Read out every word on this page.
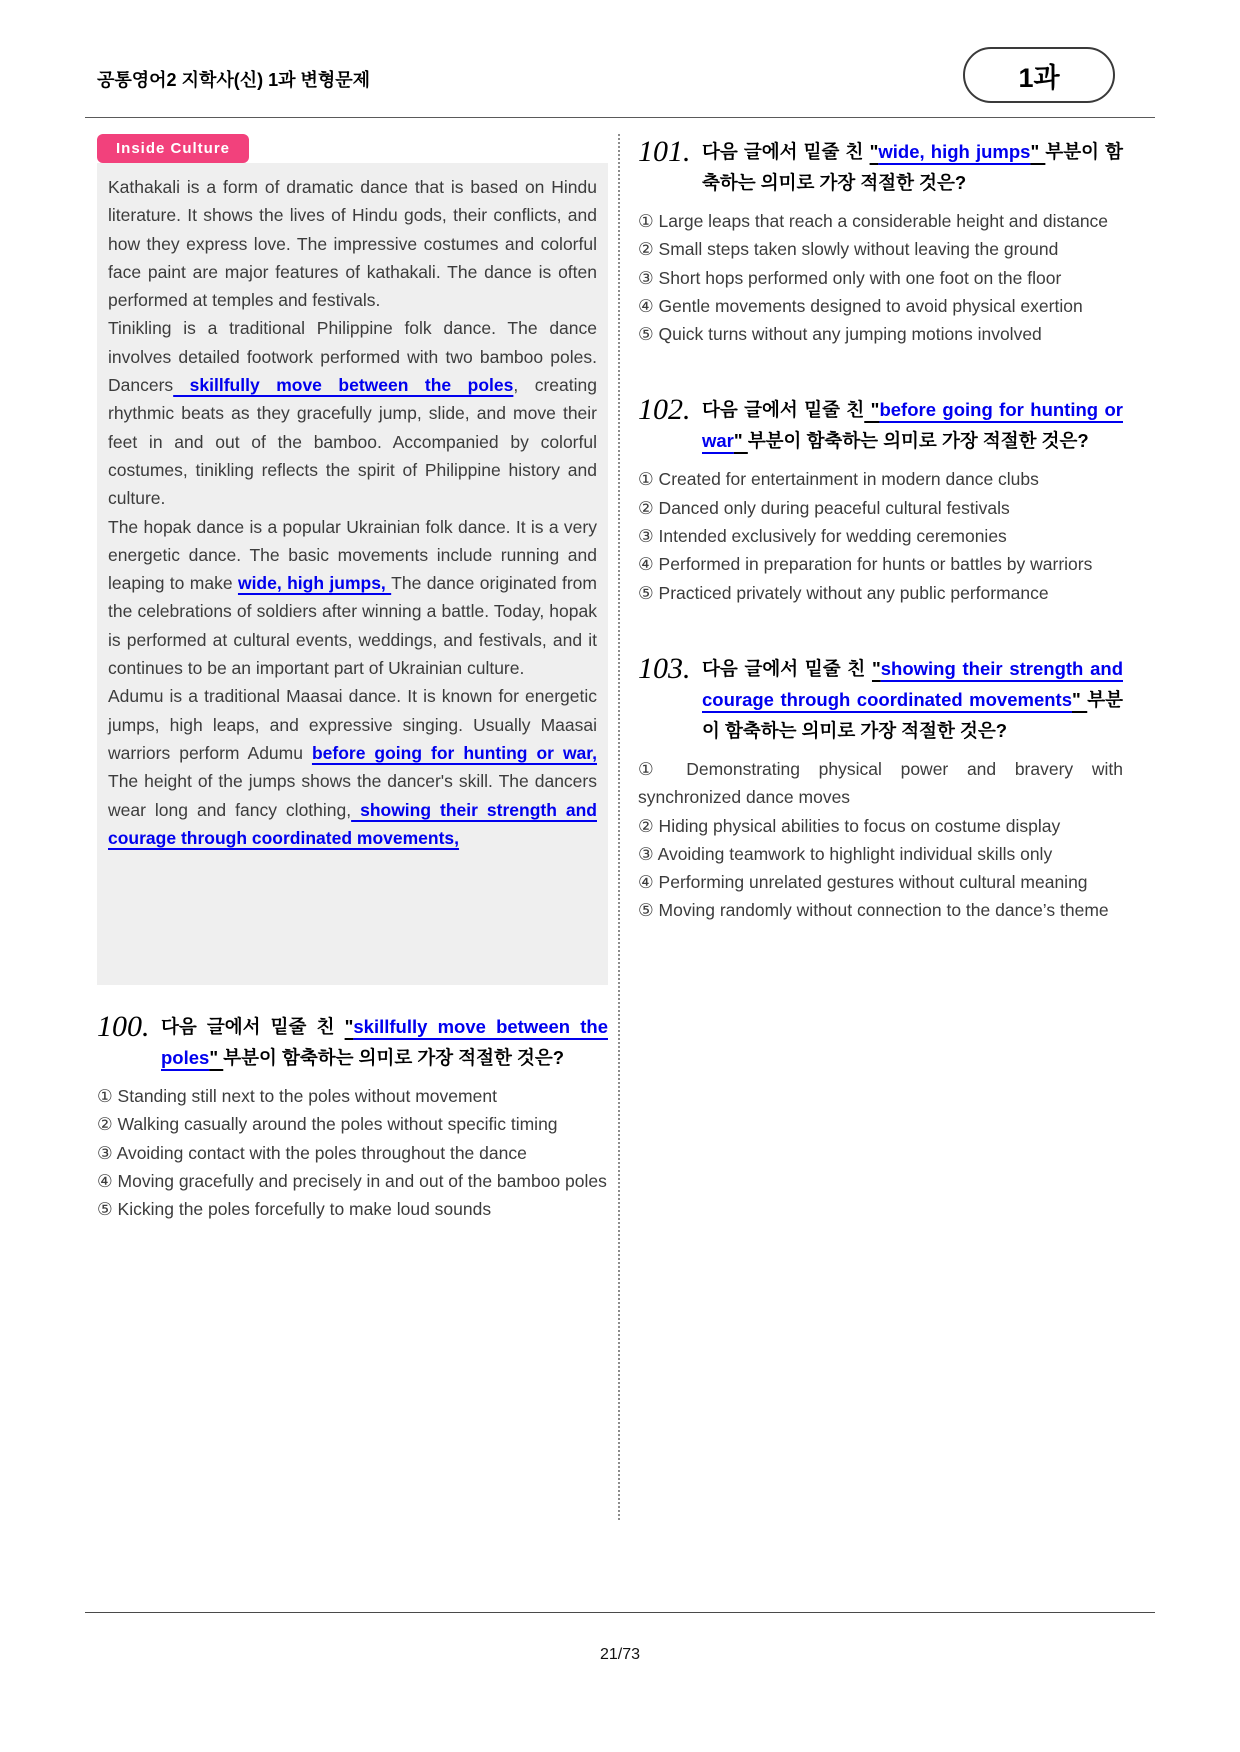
공통영어2 지학사(신) 1과 변형문제	1과
Inside Culture

Kathakali is a form of dramatic dance that is based on Hindu literature. It shows the lives of Hindu gods, their conflicts, and how they express love. The impressive costumes and colorful face paint are major features of kathakali. The dance is often performed at temples and festivals.

Tinikling is a traditional Philippine folk dance. The dance involves detailed footwork performed with two bamboo poles. Dancers skillfully move between the poles, creating rhythmic beats as they gracefully jump, slide, and move their feet in and out of the bamboo. Accompanied by colorful costumes, tinikling reflects the spirit of Philippine history and culture.

The hopak dance is a popular Ukrainian folk dance. It is a very energetic dance. The basic movements include running and leaping to make wide, high jumps, The dance originated from the celebrations of soldiers after winning a battle. Today, hopak is performed at cultural events, weddings, and festivals, and it continues to be an important part of Ukrainian culture.

Adumu is a traditional Maasai dance. It is known for energetic jumps, high leaps, and expressive singing. Usually Maasai warriors perform Adumu before going for hunting or war, The height of the jumps shows the dancer's skill. The dancers wear long and fancy clothing, showing their strength and courage through coordinated movements,

100. 다음 글에서 밑줄 친 "skillfully move between the poles" 부분이 함축하는 의미로 가장 적절한 것은?

① Standing still next to the poles without movement

② Walking casually around the poles without specific timing

③ Avoiding contact with the poles throughout the dance

④ Moving gracefully and precisely in and out of the bamboo poles

⑤ Kicking the poles forcefully to make loud sounds

101. 다음 글에서 밑줄 친 "wide, high jumps" 부분이 함축하는 의미로 가장 적절한 것은?

① Large leaps that reach a considerable height and distance

② Small steps taken slowly without leaving the ground

③ Short hops performed only with one foot on the floor

④ Gentle movements designed to avoid physical exertion

⑤ Quick turns without any jumping motions involved

102. 다음 글에서 밑줄 친 "before going for hunting or war" 부분이 함축하는 의미로 가장 적절한 것은?

① Created for entertainment in modern dance clubs

② Danced only during peaceful cultural festivals

③ Intended exclusively for wedding ceremonies

④ Performed in preparation for hunts or battles by warriors

⑤ Practiced privately without any public performance

103. 다음 글에서 밑줄 친 "showing their strength and courage through coordinated movements" 부분이 함축하는 의미로 가장 적절한 것은?

① Demonstrating physical power and bravery with synchronized dance moves

② Hiding physical abilities to focus on costume display

③ Avoiding teamwork to highlight individual skills only

④ Performing unrelated gestures without cultural meaning

⑤ Moving randomly without connection to the dance’s theme

21/73
